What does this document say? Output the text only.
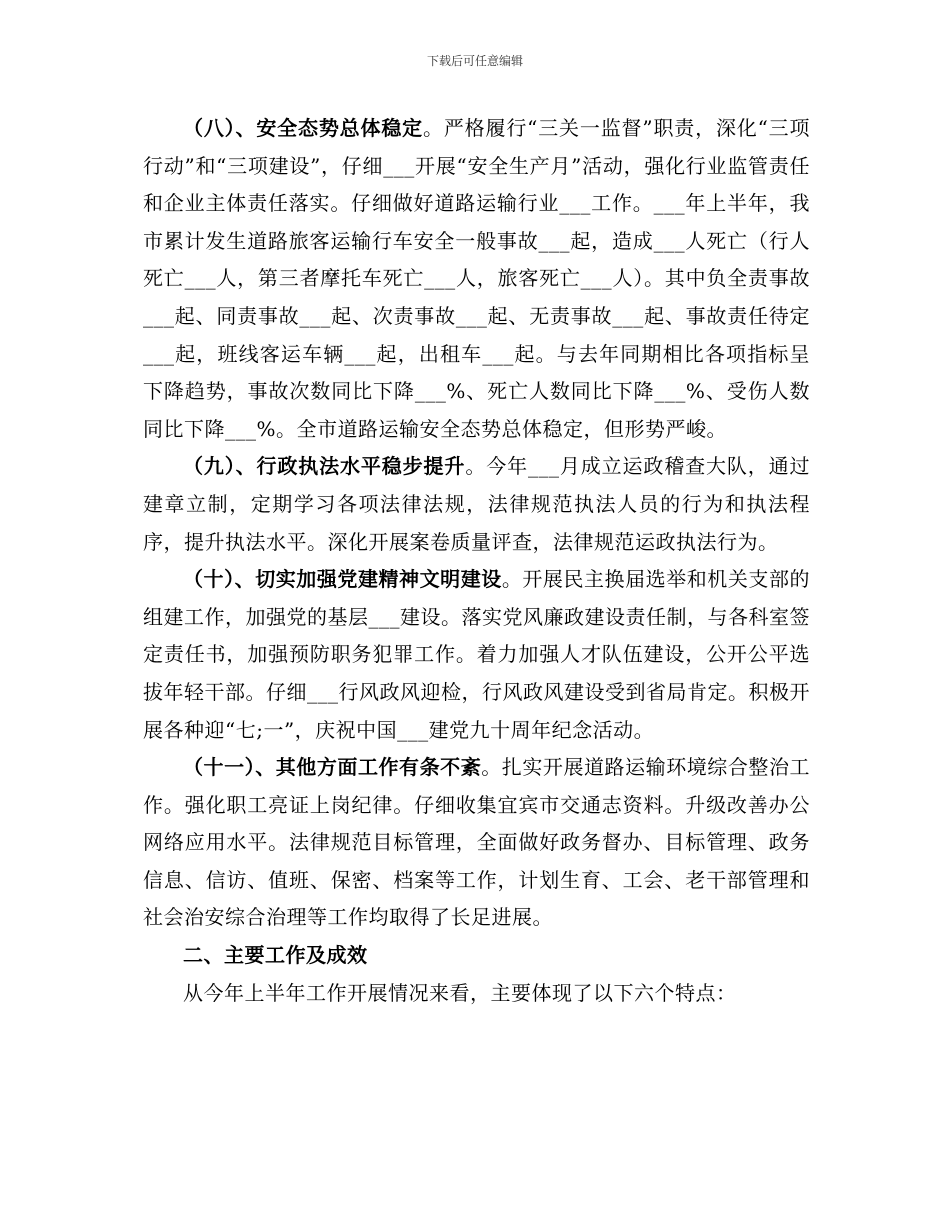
下载后可任意编辑

（八）、安全态势总体稳定。严格履行“三关一监督”职责，深化“三项行动”和“三项建设”，仔细___开展“安全生产月”活动，强化行业监管责任和企业主体责任落实。仔细做好道路运输行业___工作。___年上半年，我市累计发生道路旅客运输行车安全一般事故___起，造成___人死亡（行人死亡___人，第三者摩托车死亡___人，旅客死亡___人）。其中负全责事故___起、同责事故___起、次责事故___起、无责事故___起、事故责任待定___起，班线客运车辆___起，出租车___起。与去年同期相比各项指标呈下降趋势，事故次数同比下降___%、死亡人数同比下降___%、受伤人数同比下降___%。全市道路运输安全态势总体稳定，但形势严峻。

（九）、行政执法水平稳步提升。今年___月成立运政稽查大队，通过建章立制，定期学习各项法律法规，法律规范执法人员的行为和执法程序，提升执法水平。深化开展案卷质量评查，法律规范运政执法行为。

（十）、切实加强党建精神文明建设。开展民主换届选举和机关支部的组建工作，加强党的基层___建设。落实党风廉政建设责任制，与各科室签定责任书，加强预防职务犯罪工作。着力加强人才队伍建设，公开公平选拔年轻干部。仔细___行风政风迎检，行风政风建设受到省局肯定。积极开展各种迎“七;一”，庆祝中国___建党九十周年纪念活动。

（十一）、其他方面工作有条不紊。扎实开展道路运输环境综合整治工作。强化职工亮证上岗纪律。仔细收集宜宾市交通志资料。升级改善办公网络应用水平。法律规范目标管理，全面做好政务督办、目标管理、政务信息、信访、值班、保密、档案等工作，计划生育、工会、老干部管理和社会治安综合治理等工作均取得了长足进展。

二、主要工作及成效

从今年上半年工作开展情况来看，主要体现了以下六个特点：
